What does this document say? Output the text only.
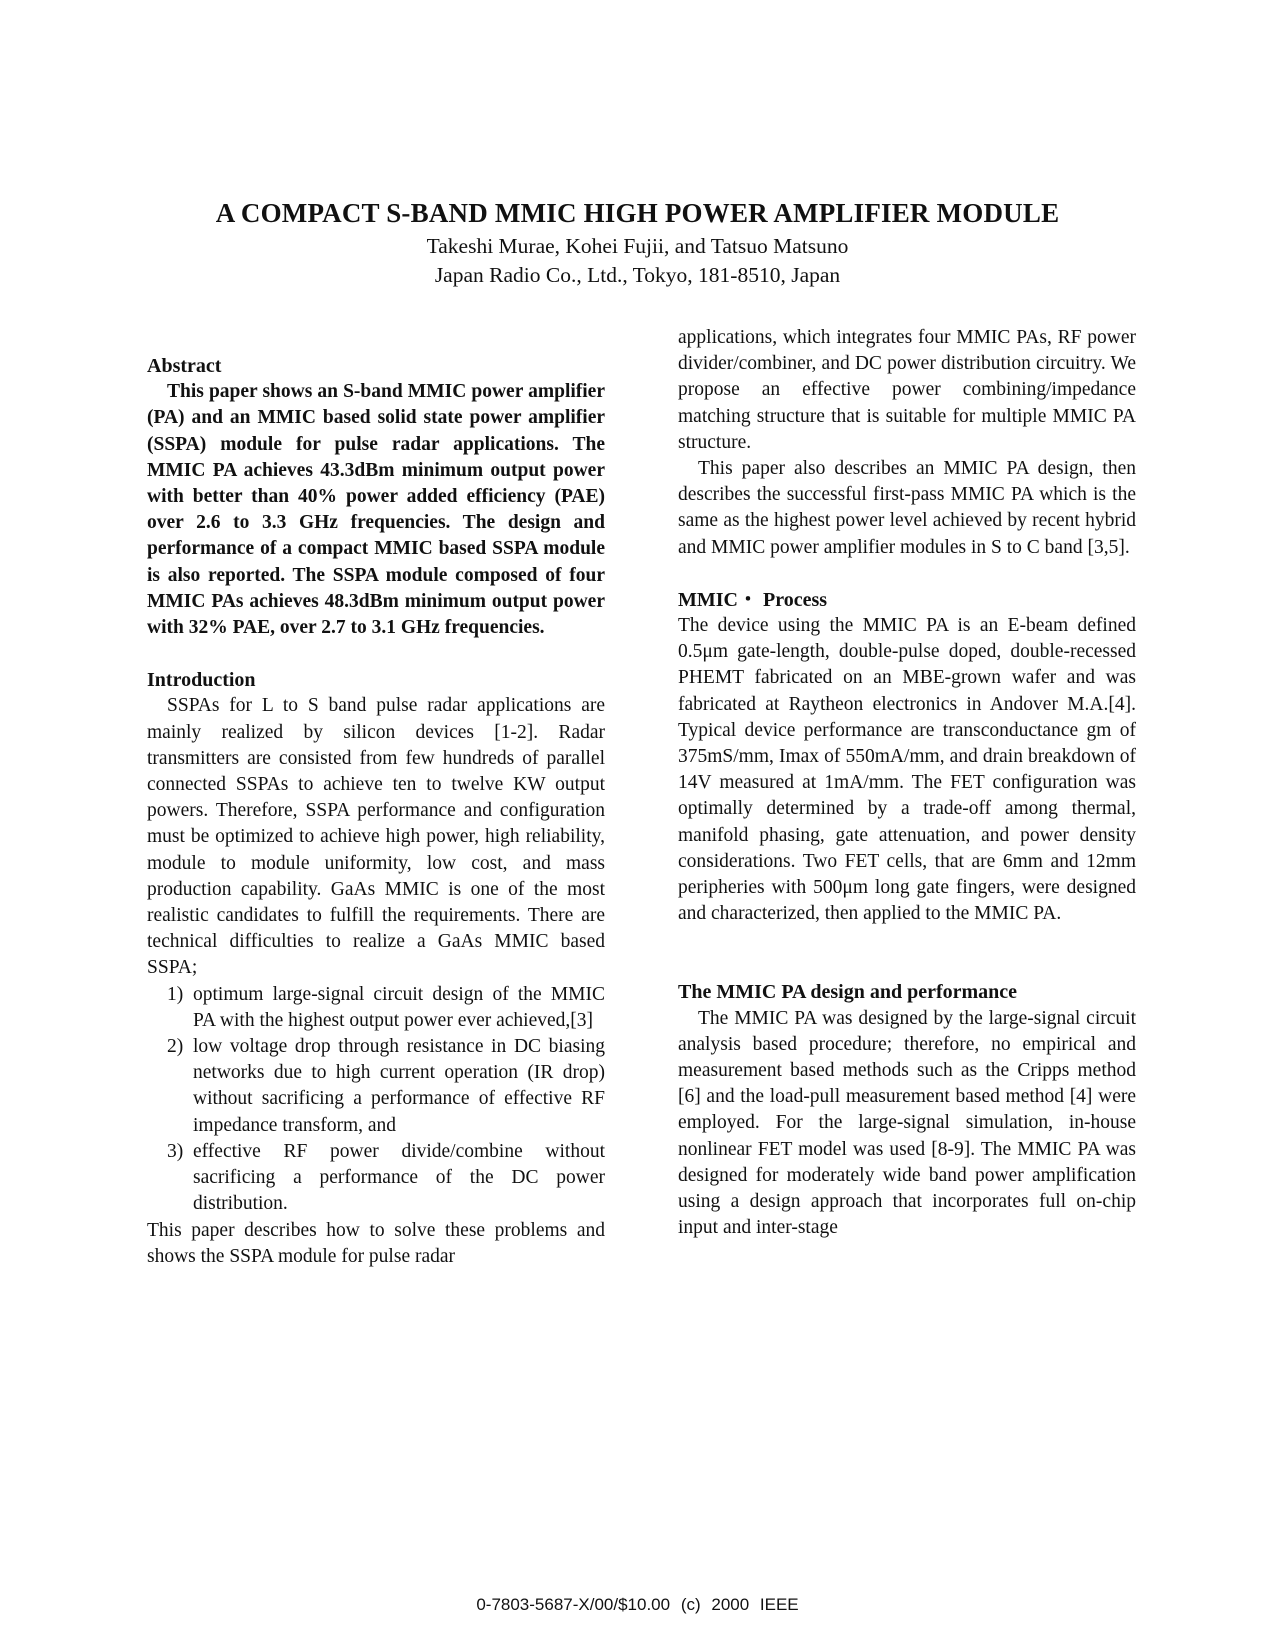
A COMPACT S-BAND MMIC HIGH POWER AMPLIFIER MODULE
Takeshi Murae, Kohei Fujii, and Tatsuo Matsuno
Japan Radio Co., Ltd., Tokyo, 181-8510, Japan
Abstract

This paper shows an S-band MMIC power amplifier (PA) and an MMIC based solid state power amplifier (SSPA) module for pulse radar applications. The MMIC PA achieves 43.3dBm minimum output power with better than 40% power added efficiency (PAE) over 2.6 to 3.3 GHz frequencies. The design and performance of a compact MMIC based SSPA module is also reported. The SSPA module composed of four MMIC PAs achieves 48.3dBm minimum output power with 32% PAE, over 2.7 to 3.1 GHz frequencies.

Introduction

SSPAs for L to S band pulse radar applications are mainly realized by silicon devices [1-2]. Radar transmitters are consisted from few hundreds of parallel connected SSPAs to achieve ten to twelve KW output powers. Therefore, SSPA performance and configuration must be optimized to achieve high power, high reliability, module to module uniformity, low cost, and mass production capability. GaAs MMIC is one of the most realistic candidates to fulfill the requirements. There are technical difficulties to realize a GaAs MMIC based SSPA;

1) optimum large-signal circuit design of the MMIC PA with the highest output power ever achieved,[3]
2) low voltage drop through resistance in DC biasing networks due to high current operation (IR drop) without sacrificing a performance of effective RF impedance transform, and
3) effective RF power divide/combine without sacrificing a performance of the DC power distribution.

This paper describes how to solve these problems and shows the SSPA module for pulse radar

applications, which integrates four MMIC PAs, RF power divider/combiner, and DC power distribution circuitry. We propose an effective power combining/impedance matching structure that is suitable for multiple MMIC PA structure.

This paper also describes an MMIC PA design, then describes the successful first-pass MMIC PA which is the same as the highest power level achieved by recent hybrid and MMIC power amplifier modules in S to C band [3,5].

MMIC・ Process

The device using the MMIC PA is an E-beam defined 0.5μm gate-length, double-pulse doped, double-recessed PHEMT fabricated on an MBE-grown wafer and was fabricated at Raytheon electronics in Andover M.A.[4]. Typical device performance are transconductance gm of 375mS/mm, Imax of 550mA/mm, and drain breakdown of 14V measured at 1mA/mm. The FET configuration was optimally determined by a trade-off among thermal, manifold phasing, gate attenuation, and power density considerations. Two FET cells, that are 6mm and 12mm peripheries with 500μm long gate fingers, were designed and characterized, then applied to the MMIC PA.

The MMIC PA design and performance

The MMIC PA was designed by the large-signal circuit analysis based procedure; therefore, no empirical and measurement based methods such as the Cripps method [6] and the load-pull measurement based method [4] were employed. For the large-signal simulation, in-house nonlinear FET model was used [8-9]. The MMIC PA was designed for moderately wide band power amplification using a design approach that incorporates full on-chip input and inter-stage

0-7803-5687-X/00/$10.00 (c) 2000 IEEE
